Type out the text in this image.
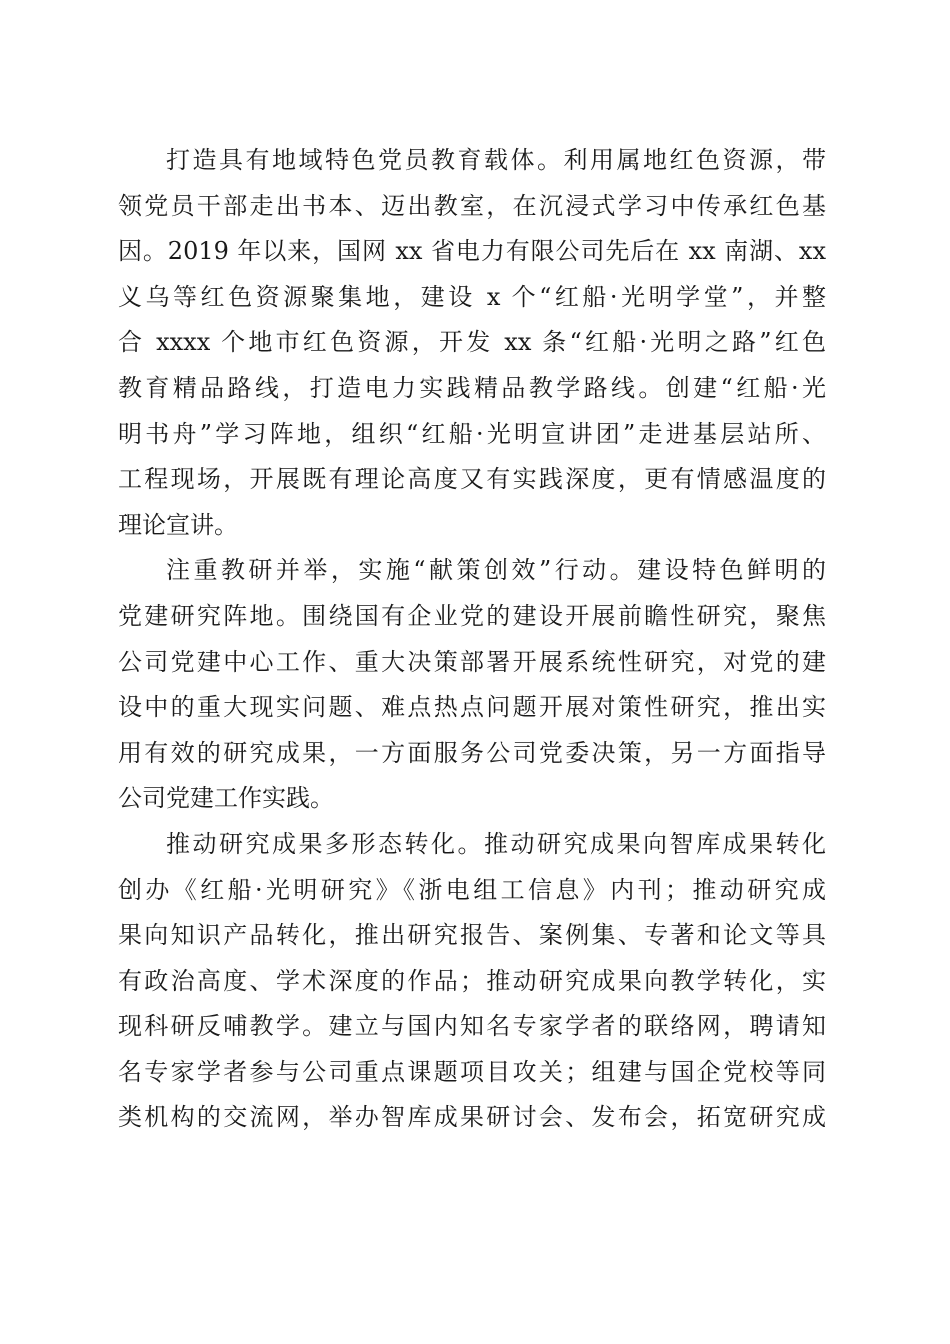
打造具有地域特色党员教育载体。利用属地红色资源，带
领党员干部走出书本、迈出教室，在沉浸式学习中传承红色基
因。2019 年以来，国网 xx 省电力有限公司先后在 xx 南湖、xx
义乌等红色资源聚集地，建设 x 个“红船·光明学堂”，并整
合 xxxx 个地市红色资源，开发 xx 条“红船·光明之路”红色
教育精品路线，打造电力实践精品教学路线。创建“红船·光
明书舟”学习阵地，组织“红船·光明宣讲团”走进基层站所、
工程现场，开展既有理论高度又有实践深度，更有情感温度的
理论宣讲。
注重教研并举，实施“献策创效”行动。建设特色鲜明的
党建研究阵地。围绕国有企业党的建设开展前瞻性研究，聚焦
公司党建中心工作、重大决策部署开展系统性研究，对党的建
设中的重大现实问题、难点热点问题开展对策性研究，推出实
用有效的研究成果，一方面服务公司党委决策，另一方面指导
公司党建工作实践。
推动研究成果多形态转化。推动研究成果向智库成果转化
创办《红船·光明研究》《浙电组工信息》内刊；推动研究成
果向知识产品转化，推出研究报告、案例集、专著和论文等具
有政治高度、学术深度的作品；推动研究成果向教学转化，实
现科研反哺教学。建立与国内知名专家学者的联络网，聘请知
名专家学者参与公司重点课题项目攻关；组建与国企党校等同
类机构的交流网，举办智库成果研讨会、发布会，拓宽研究成
